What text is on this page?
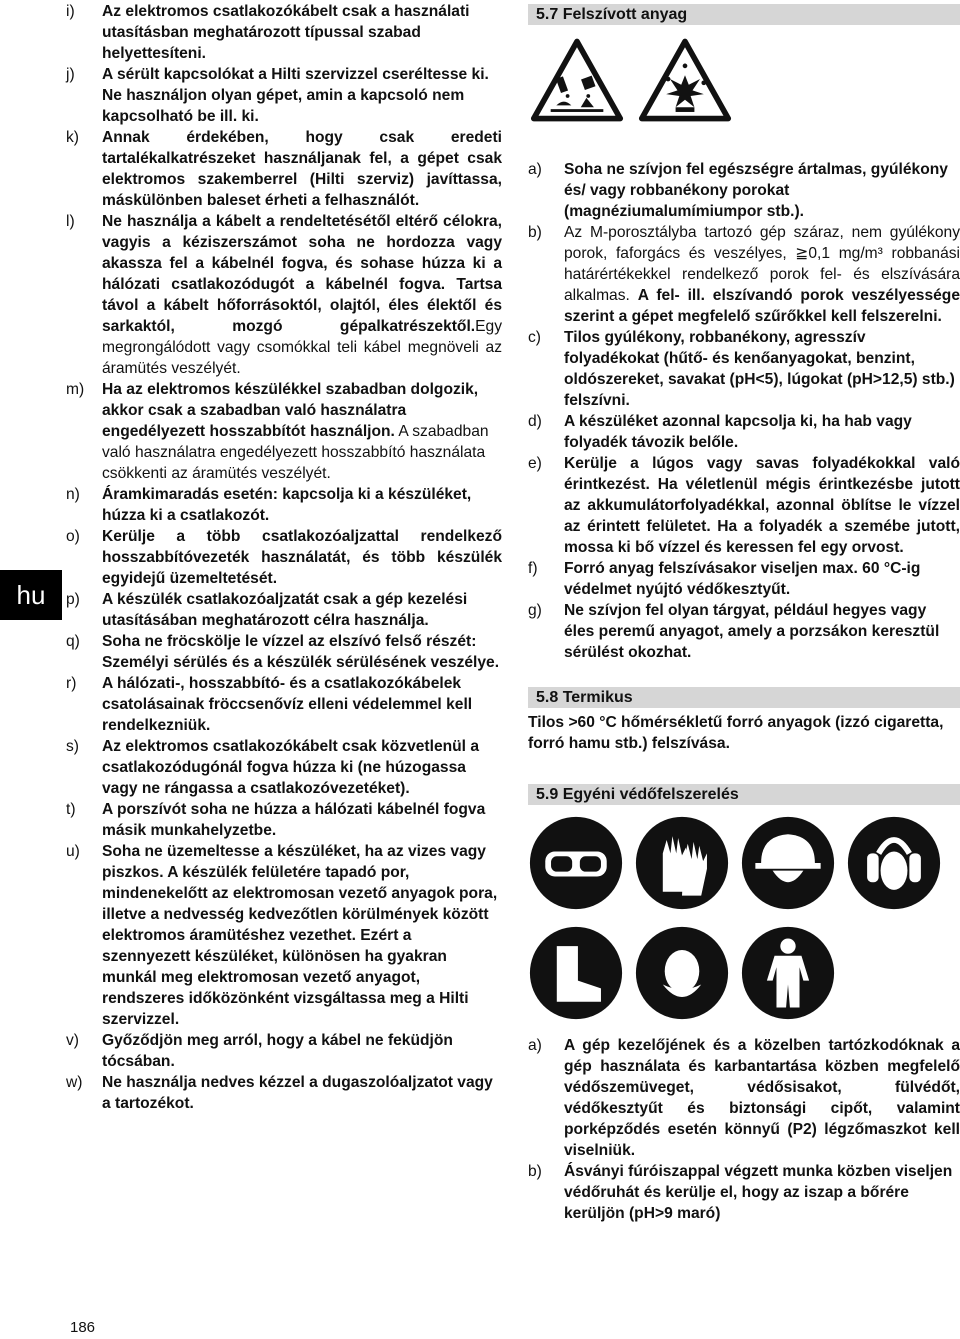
hu

i) Az elektromos csatlakozókábelt csak a használati utasításban meghatározott típussal szabad helyettesíteni.

j) A sérült kapcsolókat a Hilti szervizzel cseréltesse ki. Ne használjon olyan gépet, amin a kapcsoló nem kapcsolható be ill. ki.

k) Annak érdekében, hogy csak eredeti tartalékalkatrészeket használjanak fel, a gépet csak elektromos szakemberrel (Hilti szerviz) javíttassa, máskülönben baleset érheti a felhasználót.

l) Ne használja a kábelt a rendeltetésétől eltérő célokra, vagyis a kéziszerszámot soha ne hordozza vagy akassza fel a kábelnél fogva, és sohase húzza ki a hálózati csatlakozódugót a kábelnél fogva. Tartsa távol a kábelt hőforrásoktól, olajtól, éles élektől és sarkaktól, mozgó gépalkatrészektől.Egy megrongálódott vagy csomókkal teli kábel megnöveli az áramütés veszélyét.

m) Ha az elektromos készülékkel szabadban dolgozik, akkor csak a szabadban való használatra engedélyezett hosszabbítót használjon. A szabadban való használatra engedélyezett hosszabbító használata csökkenti az áramütés veszélyét.

n) Áramkimaradás esetén: kapcsolja ki a készüléket, húzza ki a csatlakozót.

o) Kerülje a több csatlakozóaljzattal rendelkező hosszabbítóvezeték használatát, és több készülék egyidejű üzemeltetését.

p) A készülék csatlakozóaljzatát csak a gép kezelési utasításában meghatározott célra használja.

q) Soha ne fröcskölje le vízzel az elszívó felső részét: Személyi sérülés és a készülék sérülésének veszélye.

r) A hálózati-, hosszabbító- és a csatlakozókábelek csatolásainak fröccsenővíz elleni védelemmel kell rendelkezniük.

s) Az elektromos csatlakozókábelt csak közvetlenül a csatlakozódugónál fogva húzza ki (ne húzogassa vagy ne rángassa a csatlakozóvezetéket).

t) A porszívót soha ne húzza a hálózati kábelnél fogva másik munkahelyzetbe.

u) Soha ne üzemeltesse a készüléket, ha az vizes vagy piszkos. A készülék felületére tapadó por, mindenekelőtt az elektromosan vezető anyagok pora, illetve a nedvesség kedvezőtlen körülmények között elektromos áramütéshez vezethet. Ezért a szennyezett készüléket, különösen ha gyakran munkál meg elektromosan vezető anyagot, rendszeres időközönként vizsgáltassa meg a Hilti szervizzel.

v) Győződjön meg arról, hogy a kábel ne feküdjön tócsában.

w) Ne használja nedves kézzel a dugaszolóaljzatot vagy a tartozékot.

5.7 Felszívott anyag

a) Soha ne szívjon fel egészségre ártalmas, gyúlékony és/ vagy robbanékony porokat (magnéziumalumímiumpor stb.).

b) Az M-porosztályba tartozó gép száraz, nem gyúlékony porok, faforgács és veszélyes, ≧0,1 mg/m³ robbanási határértékekkel rendelkező porok fel- és elszívására alkalmas. A fel- ill. elszívandó porok veszélyessége szerint a gépet megfelelő szűrőkkel kell felszerelni.

c) Tilos gyúlékony, robbanékony, agresszív folyadékokat (hűtő- és kenőanyagokat, benzint, oldószereket, savakat (pH<5), lúgokat (pH>12,5) stb.) felszívni.

d) A készüléket azonnal kapcsolja ki, ha hab vagy folyadék távozik belőle.

e) Kerülje a lúgos vagy savas folyadékokkal való érintkezést. Ha véletlenül mégis érintkezésbe jutott az akkumulátorfolyadékkal, azonnal öblítse le vízzel az érintett felületet. Ha a folyadék a szemébe jutott, mossa ki bő vízzel és keressen fel egy orvost.

f) Forró anyag felszívásakor viseljen max. 60 °C-ig védelmet nyújtó védőkesztyűt.

g) Ne szívjon fel olyan tárgyat, például hegyes vagy éles peremű anyagot, amely a porzsákon keresztül sérülést okozhat.

5.8 Termikus

Tilos >60 °C hőmérsékletű forró anyagok (izzó cigaretta, forró hamu stb.) felszívása.

5.9 Egyéni védőfelszerelés

a) A gép kezelőjének és a közelben tartózkodóknak a gép használata és karbantartása közben megfelelő védőszemüveget, védősisakot, fülvédőt, védőkesztyűt és biztonsági cipőt, valamint porképződés esetén könnyű (P2) légzőmaszkot kell viselniük.

b) Ásványi fúróiszappal végzett munka közben viseljen védőruhát és kerülje el, hogy az iszap a bőrére kerüljön (pH>9 maró)

186
